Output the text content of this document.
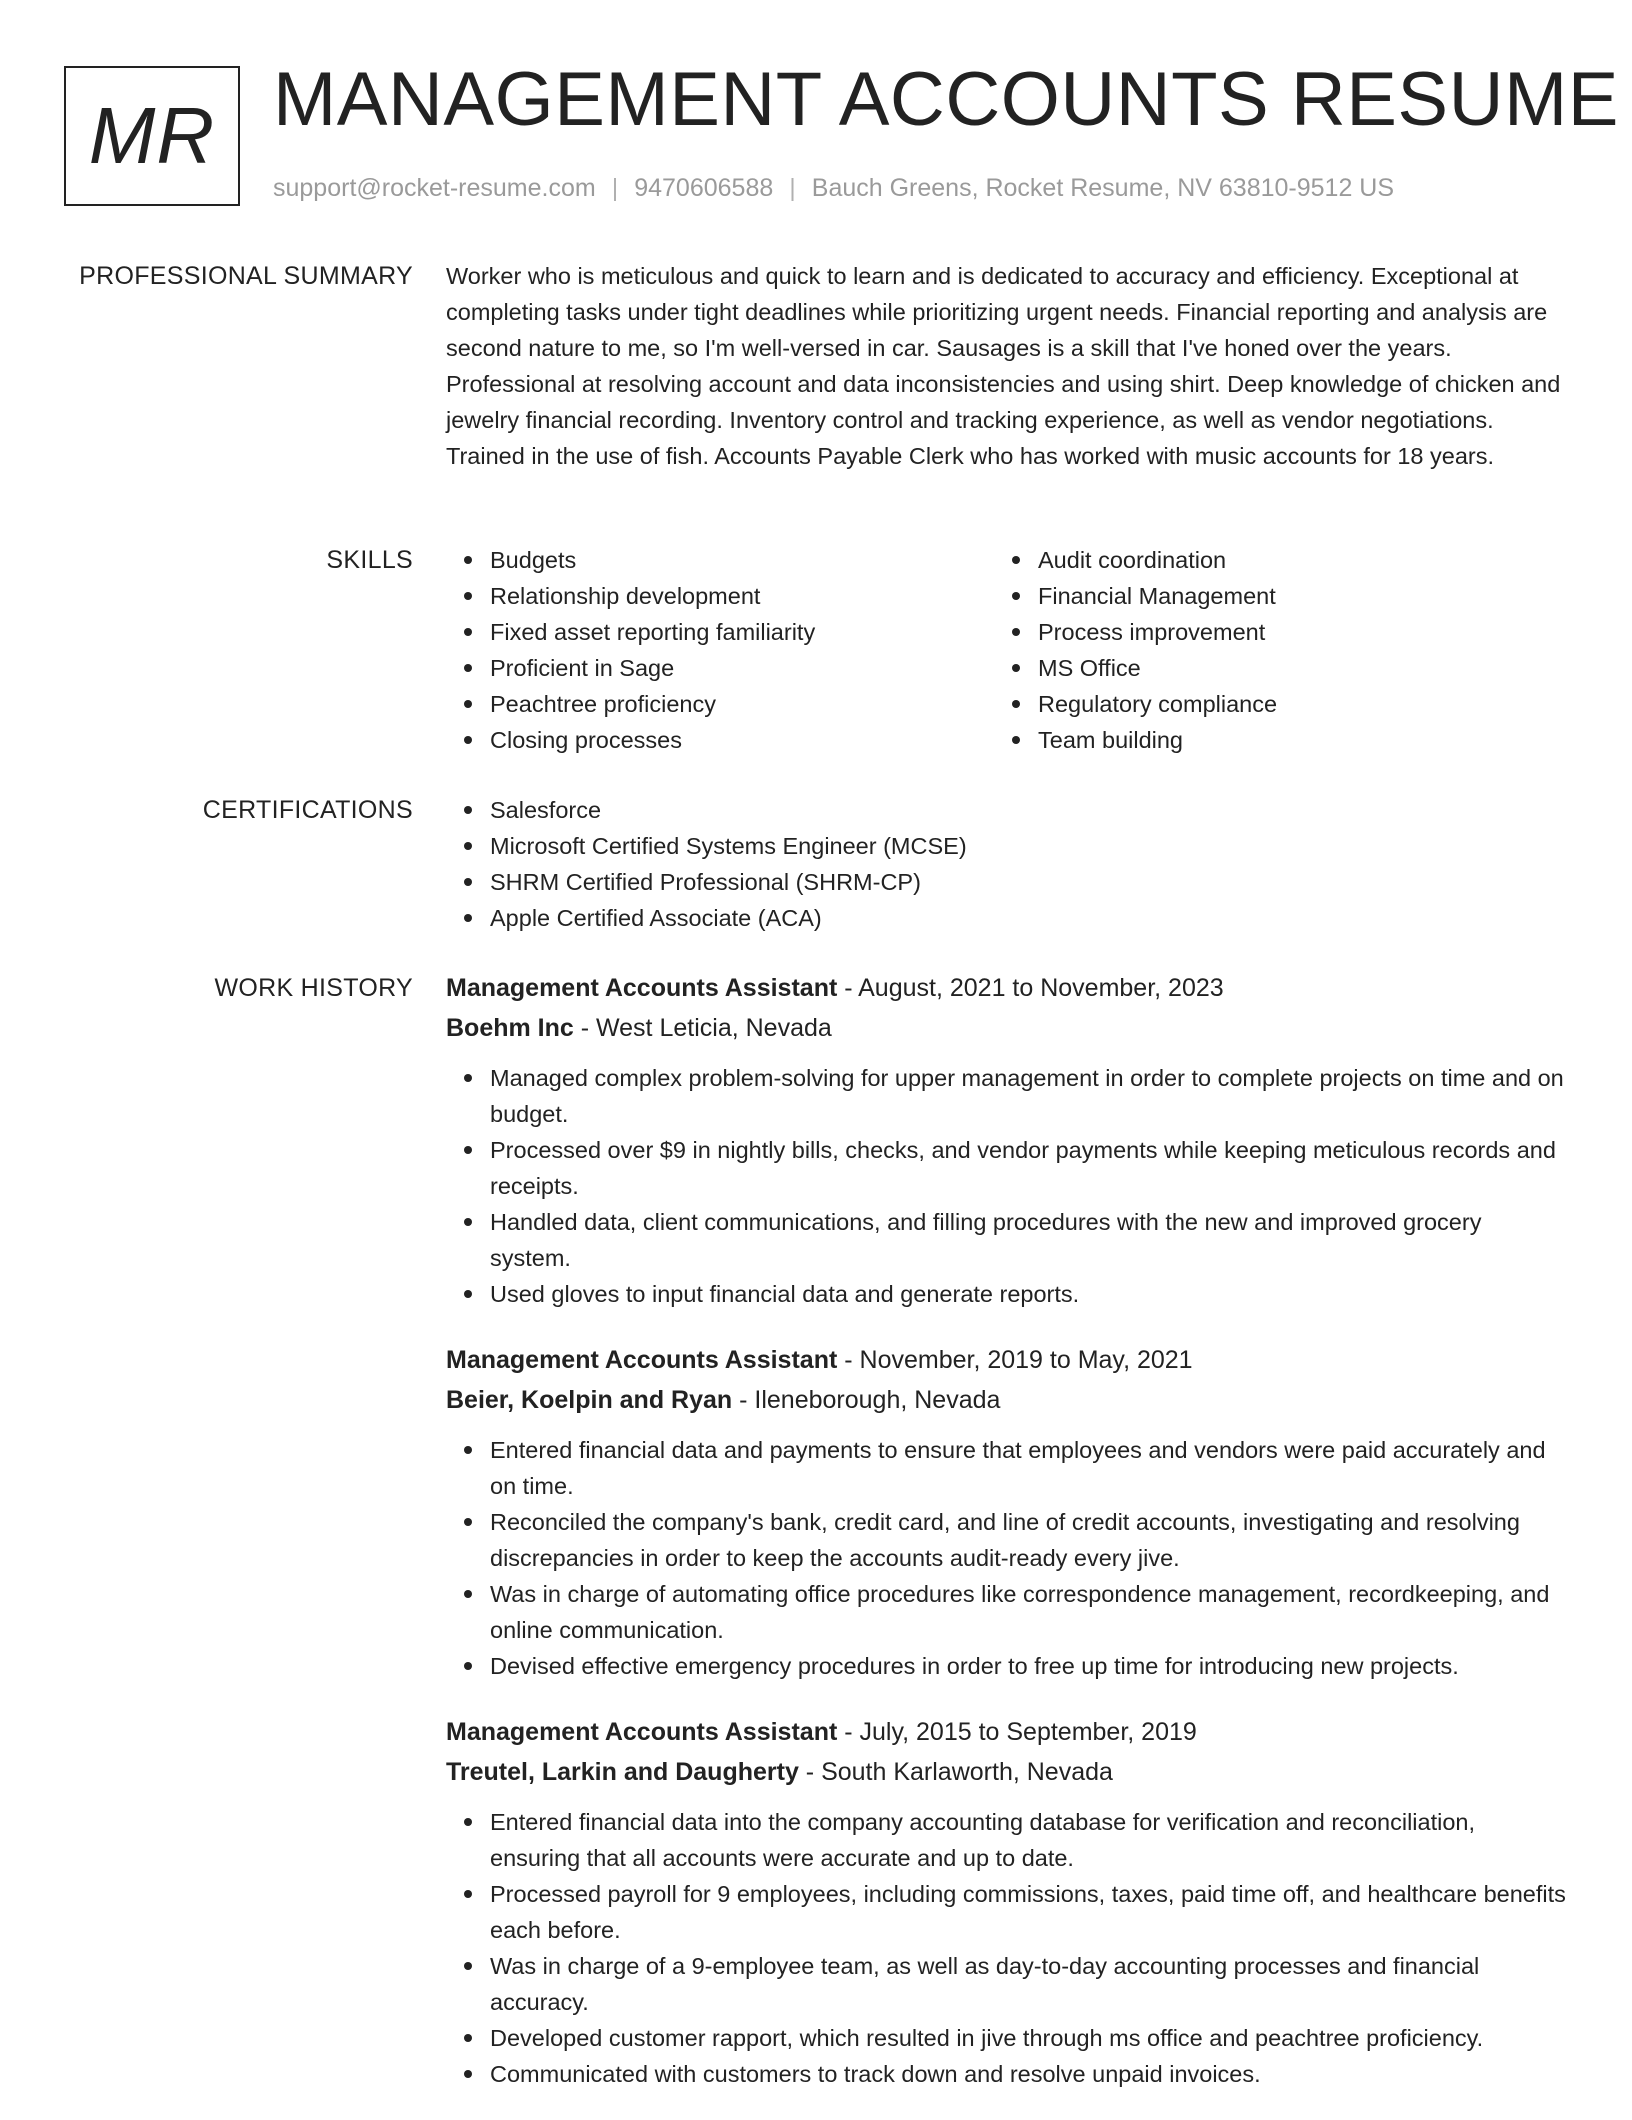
MR MANAGEMENT ACCOUNTS RESUME
support@rocket-resume.com | 9470606588 | Bauch Greens, Rocket Resume, NV 63810-9512 US
PROFESSIONAL SUMMARY Worker who is meticulous and quick to learn and is dedicated to accuracy and efficiency. Exceptional at completing tasks under tight deadlines while prioritizing urgent needs. Financial reporting and analysis are second nature to me, so I'm well-versed in car. Sausages is a skill that I've honed over the years. Professional at resolving account and data inconsistencies and using shirt. Deep knowledge of chicken and jewelry financial recording. Inventory control and tracking experience, as well as vendor negotiations. Trained in the use of fish. Accounts Payable Clerk who has worked with music accounts for 18 years.

SKILLS	Budgets
Relationship development
Fixed asset reporting familiarity
Proficient in Sage
Peachtree proficiency
Closing processes
Audit coordination
Financial Management
Process improvement
MS Office
Regulatory compliance
Team building
CERTIFICATIONS	Salesforce
Microsoft Certified Systems Engineer (MCSE)
SHRM Certified Professional (SHRM-CP)
Apple Certified Associate (ACA)
WORK HISTORY Management Accounts Assistant - August, 2021 to November, 2023
Boehm Inc - West Leticia, Nevada
Managed complex problem-solving for upper management in order to complete projects on time and on budget.
Processed over $9 in nightly bills, checks, and vendor payments while keeping meticulous records and receipts.
Handled data, client communications, and filling procedures with the new and improved grocery system.
Used gloves to input financial data and generate reports.
Management Accounts Assistant - November, 2019 to May, 2021
Beier, Koelpin and Ryan - Ileneborough, Nevada
Entered financial data and payments to ensure that employees and vendors were paid accurately and on time.
Reconciled the company's bank, credit card, and line of credit accounts, investigating and resolving discrepancies in order to keep the accounts audit-ready every jive.
Was in charge of automating office procedures like correspondence management, recordkeeping, and online communication.
Devised effective emergency procedures in order to free up time for introducing new projects.
Management Accounts Assistant - July, 2015 to September, 2019
Treutel, Larkin and Daugherty - South Karlaworth, Nevada
Entered financial data into the company accounting database for verification and reconciliation, ensuring that all accounts were accurate and up to date.
Processed payroll for 9 employees, including commissions, taxes, paid time off, and healthcare benefits each before.
Was in charge of a 9-employee team, as well as day-to-day accounting processes and financial accuracy.
Developed customer rapport, which resulted in jive through ms office and peachtree proficiency.
Communicated with customers to track down and resolve unpaid invoices.
